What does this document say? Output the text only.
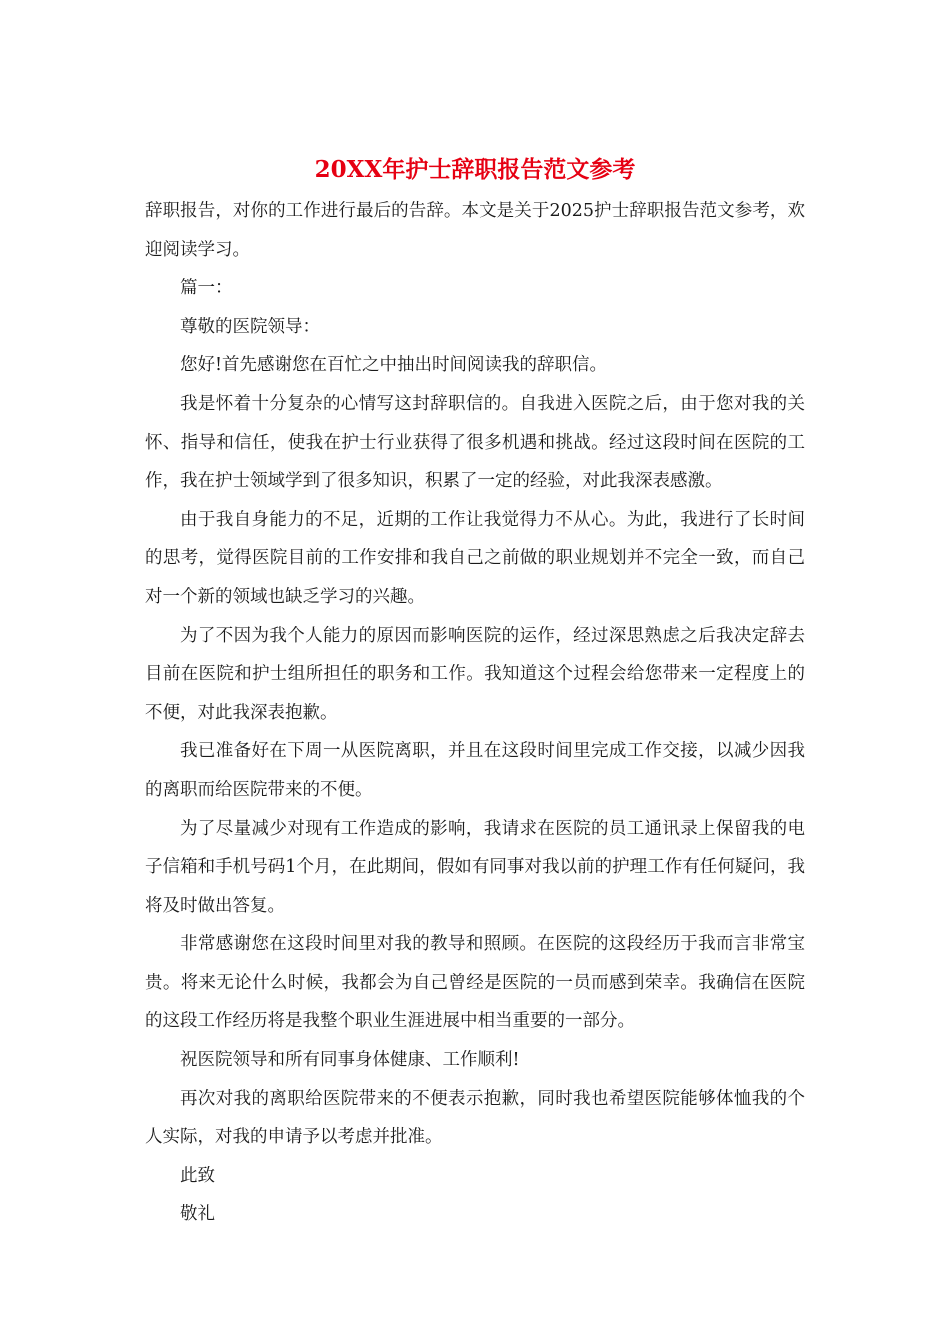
20XX年护士辞职报告范文参考

辞职报告，对你的工作进行最后的告辞。本文是关于2025护士辞职报告范文参考，欢迎阅读学习。

篇一：

尊敬的医院领导：

您好!首先感谢您在百忙之中抽出时间阅读我的辞职信。

我是怀着十分复杂的心情写这封辞职信的。自我进入医院之后，由于您对我的关怀、指导和信任，使我在护士行业获得了很多机遇和挑战。经过这段时间在医院的工作，我在护士领域学到了很多知识，积累了一定的经验，对此我深表感激。

由于我自身能力的不足，近期的工作让我觉得力不从心。为此，我进行了长时间的思考，觉得医院目前的工作安排和我自己之前做的职业规划并不完全一致，而自己对一个新的领域也缺乏学习的兴趣。

为了不因为我个人能力的原因而影响医院的运作，经过深思熟虑之后我决定辞去目前在医院和护士组所担任的职务和工作。我知道这个过程会给您带来一定程度上的不便，对此我深表抱歉。

我已准备好在下周一从医院离职，并且在这段时间里完成工作交接，以减少因我的离职而给医院带来的不便。

为了尽量减少对现有工作造成的影响，我请求在医院的员工通讯录上保留我的电子信箱和手机号码1个月，在此期间，假如有同事对我以前的护理工作有任何疑问，我将及时做出答复。

非常感谢您在这段时间里对我的教导和照顾。在医院的这段经历于我而言非常宝贵。将来无论什么时候，我都会为自己曾经是医院的一员而感到荣幸。我确信在医院的这段工作经历将是我整个职业生涯进展中相当重要的一部分。

祝医院领导和所有同事身体健康、工作顺利!

再次对我的离职给医院带来的不便表示抱歉，同时我也希望医院能够体恤我的个人实际，对我的申请予以考虑并批准。

此致

敬礼
